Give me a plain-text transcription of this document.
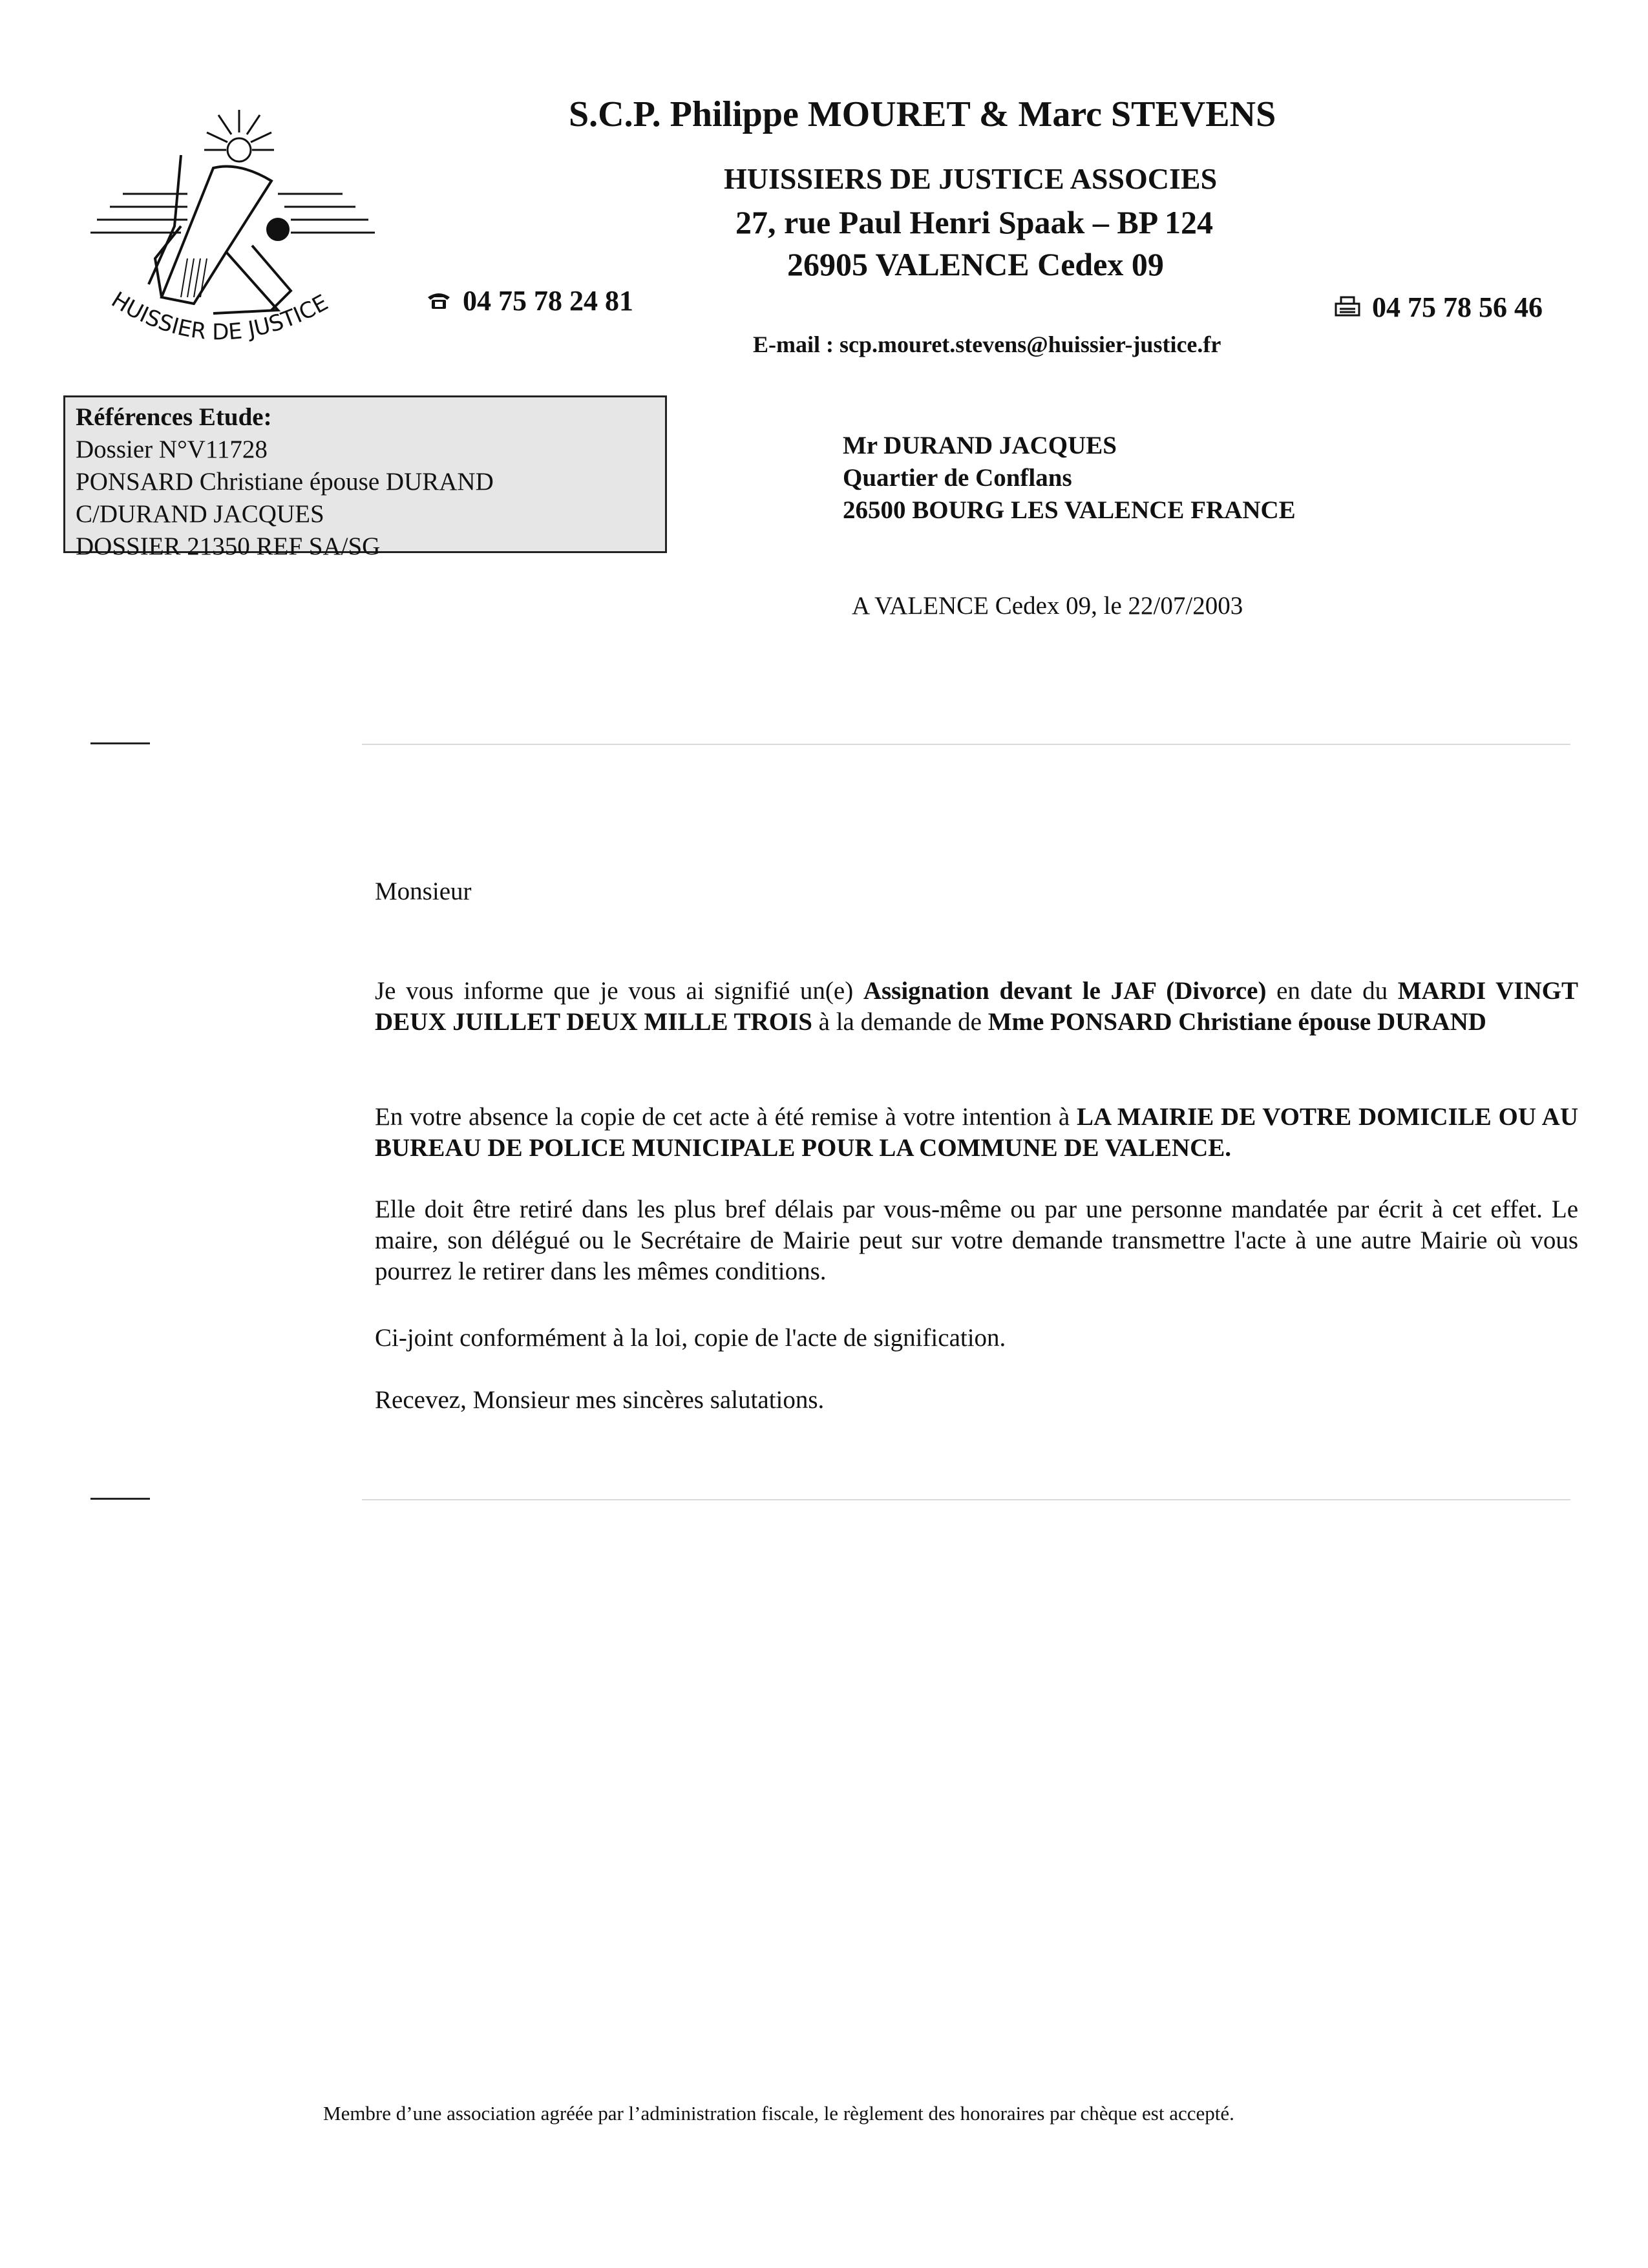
HUISSIER DE JUSTICE
S.C.P. Philippe MOURET & Marc STEVENS
HUISSIERS DE JUSTICE ASSOCIES
27, rue Paul Henri Spaak – BP 124
26905 VALENCE Cedex 09
04 75 78 24 81	04 75 78 56 46
E-mail : scp.mouret.stevens@huissier-justice.fr
Références Etude:
Dossier N°V11728
PONSARD Christiane épouse DURAND
C/DURAND JACQUES
DOSSIER 21350 REF SA/SG
Mr DURAND JACQUES
Quartier de Conflans
26500 BOURG LES VALENCE FRANCE
A VALENCE Cedex 09, le 22/07/2003
Monsieur
Je vous informe que je vous ai signifié un(e) Assignation devant le JAF (Divorce) en date du MARDI VINGT DEUX JUILLET DEUX MILLE TROIS à la demande de Mme PONSARD Christiane épouse DURAND
En votre absence la copie de cet acte à été remise à votre intention à LA MAIRIE DE VOTRE DOMICILE OU AU BUREAU DE POLICE MUNICIPALE POUR LA COMMUNE DE VALENCE.
Elle doit être retiré dans les plus bref délais par vous-même ou par une personne mandatée par écrit à cet effet. Le maire, son délégué ou le Secrétaire de Mairie peut sur votre demande transmettre l'acte à une autre Mairie où vous pourrez le retirer dans les mêmes conditions.
Ci-joint conformément à la loi, copie de l'acte de signification.
Recevez, Monsieur mes sincères salutations.
Membre d’une association agréée par l’administration fiscale, le règlement des honoraires par chèque est accepté.
